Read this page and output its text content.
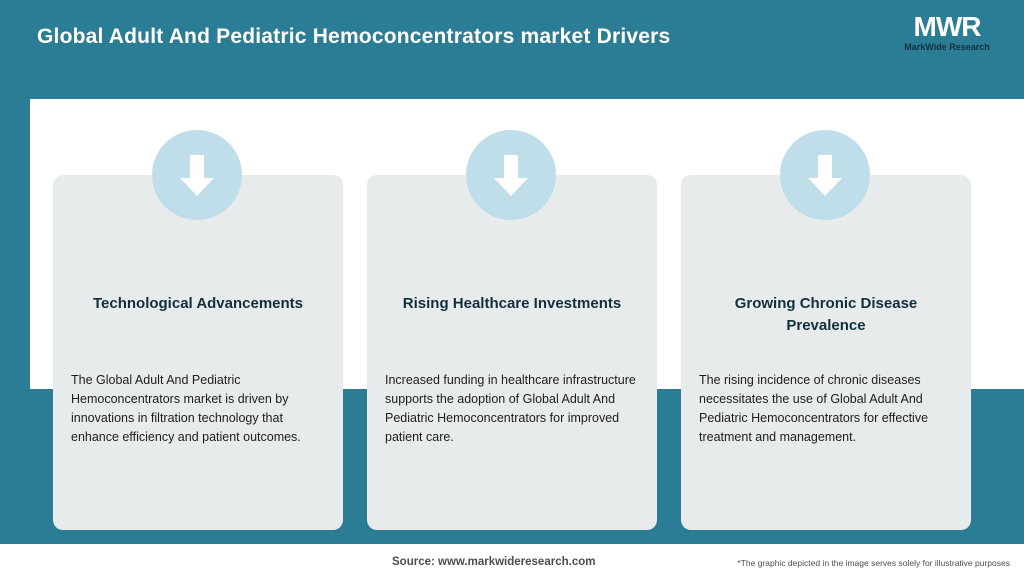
Global Adult And Pediatric Hemoconcentrators market Drivers	MWR
MarkWide Research
Inspiring Growth
Technological Advancements
The Global Adult And Pediatric Hemoconcentrators market is driven by innovations in filtration technology that enhance efficiency and patient outcomes.
Rising Healthcare Investments
Increased funding in healthcare infrastructure supports the adoption of Global Adult And Pediatric Hemoconcentrators for improved patient care.
Growing Chronic Disease Prevalence
The rising incidence of chronic diseases necessitates the use of Global Adult And Pediatric Hemoconcentrators for effective treatment and management.
Source: www.markwideresearch.com	*The graphic depicted in the image serves solely for illustrative purposes
